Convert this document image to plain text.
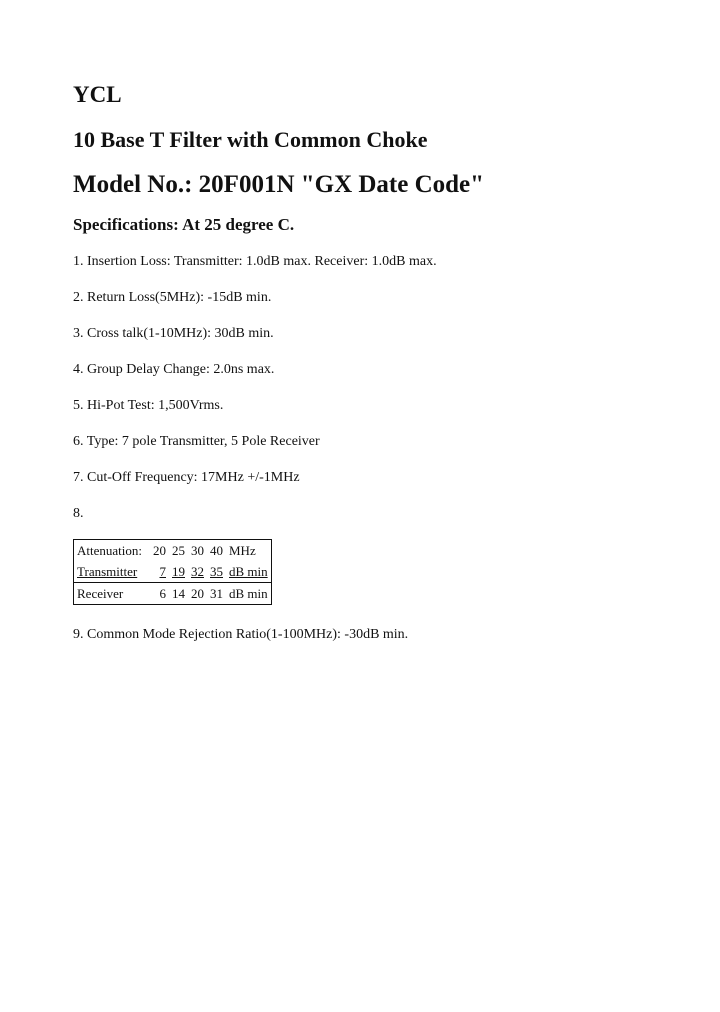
YCL
10 Base T Filter with Common Choke
Model No.: 20F001N "GX Date Code"
Specifications: At 25 degree C.

1. Insertion Loss: Transmitter: 1.0dB max. Receiver: 1.0dB max.

2. Return Loss(5MHz): -15dB min.

3. Cross talk(1-10MHz): 30dB min.

4. Group Delay Change: 2.0ns max.

5. Hi-Pot Test: 1,500Vrms.

6. Type: 7 pole Transmitter, 5 Pole Receiver

7. Cut-Off Frequency: 17MHz +/-1MHz

8.

Attenuation:	20	25	30	40	MHz
Transmitter	7	19	32	35	dB min
Receiver	6	14	20	31	dB min

9. Common Mode Rejection Ratio(1-100MHz): -30dB min.
